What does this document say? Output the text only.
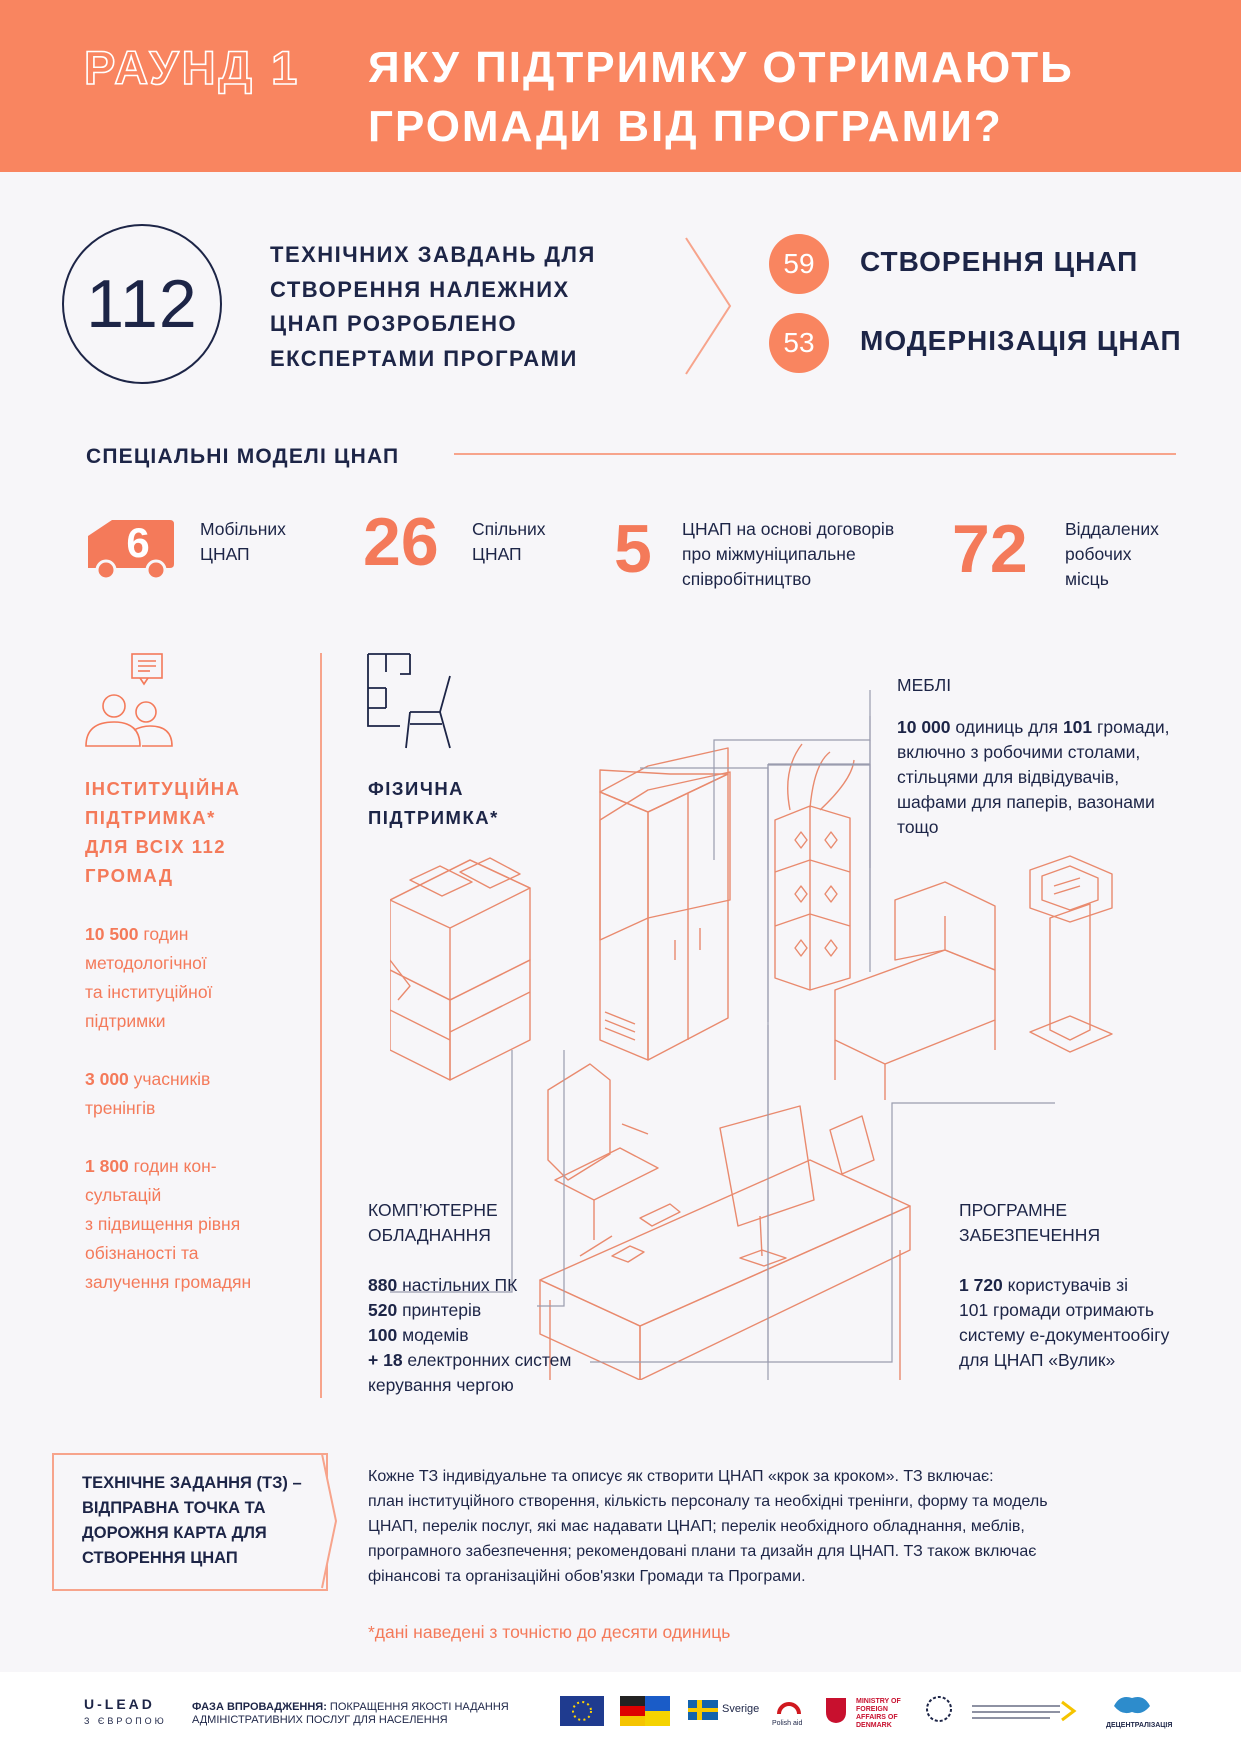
РАУНД 1 ЯКУ ПІДТРИМКУ ОТРИМАЮТЬ
ГРОМАДИ ВІД ПРОГРАМИ?
112
ТЕХНІЧНИХ ЗАВДАНЬ ДЛЯ
СТВОРЕННЯ НАЛЕЖНИХ
ЦНАП РОЗРОБЛЕНО
ЕКСПЕРТАМИ ПРОГРАМИ
59	СТВОРЕННЯ ЦНАП
53	МОДЕРНІЗАЦІЯ ЦНАП
СПЕЦІАЛЬНІ МОДЕЛІ ЦНАП
6	Мобільних
ЦНАП	26 Спільних
ЦНАП	5 ЦНАП на основі договорів
про міжмуніципальне
співробітництво	72 Віддалених
робочих
місць
ІНСТИТУЦІЙНА
ПІДТРИМКА*
ДЛЯ ВСІХ 112
ГРОМАД
10 500 годин
методологічної
та інституційної
підтримки
3 000 учасників
тренінгів
1 800 годин кон-
сультацій
з підвищення рівня
обізнаності та
залучення громадян
ФІЗИЧНА
ПІДТРИМКА*
МЕБЛІ
10 000 одиниць для 101 громади,
включно з робочими столами,
стільцями для відвідувачів,
шафами для паперів, вазонами
тощо
КОМП’ЮТЕРНЕ
ОБЛАДНАННЯ
880 настільних ПК
520 принтерів
100 модемів
+ 18 електронних систем
керування чергою
ПРОГРАМНЕ
ЗАБЕЗПЕЧЕННЯ
1 720 користувачів зі
101 громади отримають
систему е-документообігу
для ЦНАП «Вулик»
ТЕХНІЧНЕ ЗАДАННЯ (ТЗ) –
ВІДПРАВНА ТОЧКА ТА
ДОРОЖНЯ КАРТА ДЛЯ
СТВОРЕННЯ ЦНАП
Кожне ТЗ індивідуальне та описує як створити ЦНАП «крок за кроком». ТЗ включає:
план інституційного створення, кількість персоналу та необхідні тренінги, форму та модель
ЦНАП, перелік послуг, які має надавати ЦНАП; перелік необхідного обладнання, меблів,
програмного забезпечення; рекомендовані плани та дизайн для ЦНАП. ТЗ також включає
фінансові та організаційні обов'язки Громади та Програми.
*дані наведені з точністю до десяти одиниць
U-LEAD
З ЄВРОПОЮ
ФАЗА ВПРОВАДЖЕННЯ: ПОКРАЩЕННЯ ЯКОСТІ НАДАННЯ
АДМІНІСТРАТИВНИХ ПОСЛУГ ДЛЯ НАСЕЛЕННЯ
Sverige
Polish aid
MINISTRY OF FOREIGN AFFAIRS OF DENMARK	ДЕЦЕНТРАЛІЗАЦІЯ
